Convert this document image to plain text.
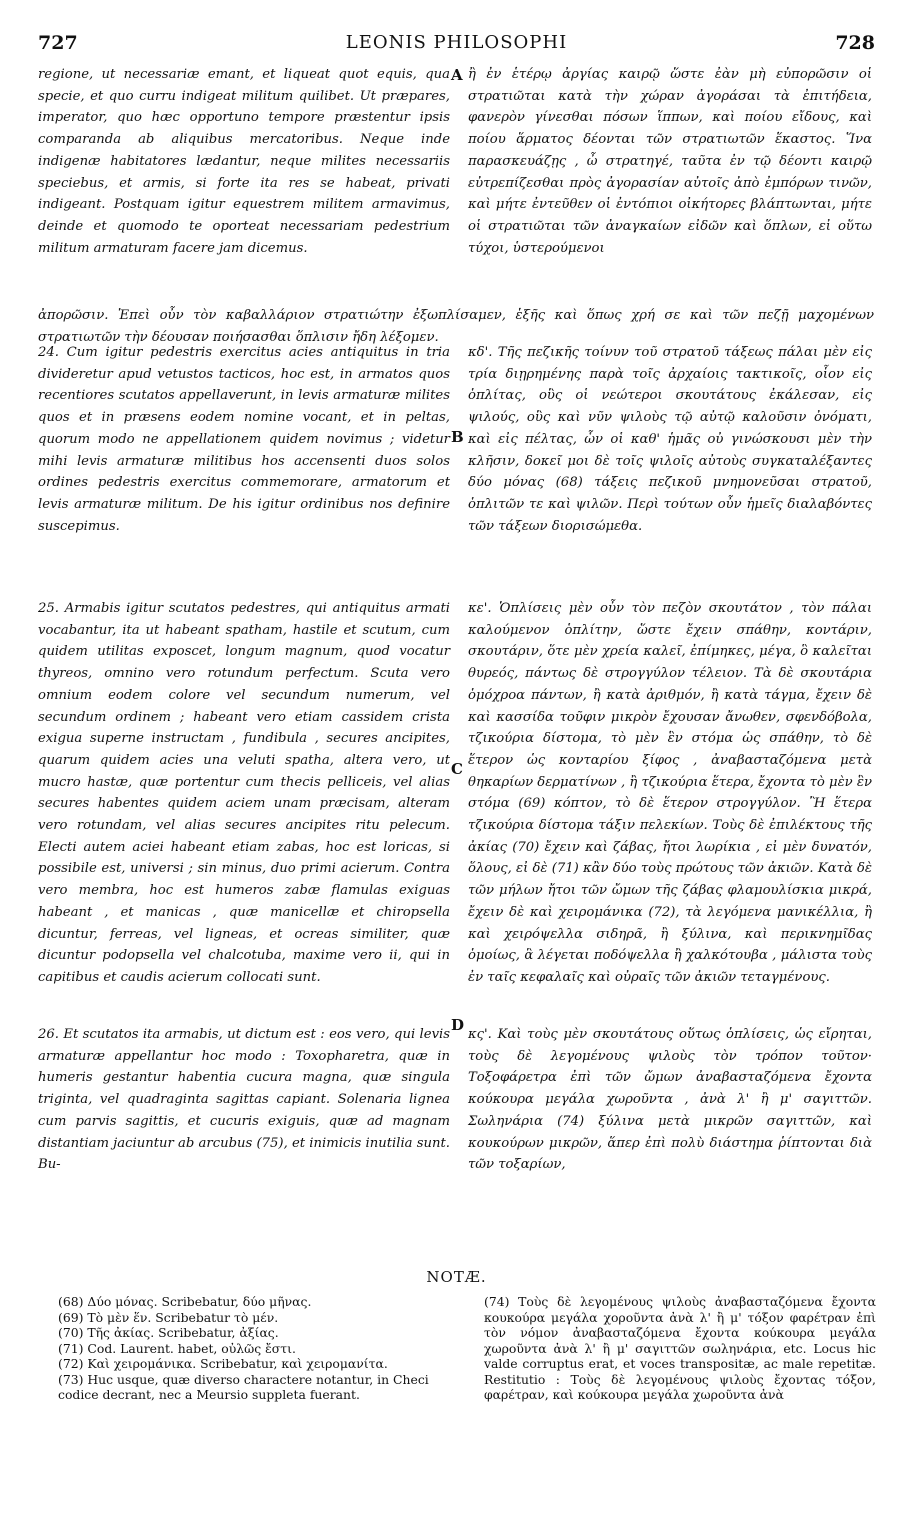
727	LEONIS PHILOSOPHI	728

regione, ut necessariæ emant, et liqueat quot equis, qua specie, et quo curru indigeat militum quilibet. Ut præpares, imperator, quo hæc opportuno tempore præstentur ipsis comparanda ab aliquibus mercatoribus. Neque inde indigenæ habitatores lædantur, neque milites necessariis speciebus, et armis, si forte ita res se habeat, privati indigeant. Postquam igitur equestrem militem armavimus, deinde et quomodo te oporteat necessariam pedestrium militum armaturam facere jam dicemus.

24. Cum igitur pedestris exercitus acies antiquitus in tria divideretur apud vetustos tacticos, hoc est, in armatos quos recentiores scutatos appellaverunt, in levis armaturæ milites quos et in præsens eodem nomine vocant, et in peltas, quorum modo ne appellationem quidem novimus ; videtur mihi levis armaturæ militibus hos accensenti duos solos ordines pedestris exercitus commemorare, armatorum et levis armaturæ militum. De his igitur ordinibus nos definire suscepimus.

25. Armabis igitur scutatos pedestres, qui antiquitus armati vocabantur, ita ut habeant spatham, hastile et scutum, cum quidem utilitas exposcet, longum magnum, quod vocatur thyreos, omnino vero rotundum perfectum. Scuta vero omnium eodem colore vel secundum numerum, vel secundum ordinem ; habeant vero etiam cassidem crista exigua superne instructam , fundibula , secures ancipites, quarum quidem acies una veluti spatha, altera vero, ut mucro hastæ, quæ portentur cum thecis pelliceis, vel alias secures habentes quidem aciem unam præcisam, alteram vero rotundam, vel alias secures ancipites ritu pelecum. Electi autem aciei habeant etiam zabas, hoc est loricas, si possibile est, universi ; sin minus, duo primi acierum. Contra vero membra, hoc est humeros zabæ flamulas exiguas habeant , et manicas , quæ manicellæ et chiropsella dicuntur, ferreas, vel ligneas, et ocreas similiter, quæ dicuntur podopsella vel chalcotuba, maxime vero ii, qui in capitibus et caudis acierum collocati sunt.

26. Et scutatos ita armabis, ut dictum est : eos vero, qui levis armaturæ appellantur hoc modo : Toxopharetra, quæ in humeris gestantur habentia cucura magna, quæ singula triginta, vel quadraginta sagittas capiant. Solenaria lignea cum parvis sagittis, et cucuris exiguis, quæ ad magnam distantiam jaciuntur ab arcubus (75), et inimicis inutilia sunt. Bu-

ἢ ἐν ἑτέρῳ ἀργίας καιρῷ ὥστε ἐὰν μὴ εὐπορῶσιν οἱ στρατιῶται κατὰ τὴν χώραν ἀγοράσαι τὰ ἐπιτήδεια, φανερὸν γίνεσθαι πόσων ἵππων, καὶ ποίου εἴδους, καὶ ποίου ἅρματος δέονται τῶν στρατιωτῶν ἕκαστος. Ἵνα παρασκευάζῃς , ὦ στρατηγέ, ταῦτα ἐν τῷ δέοντι καιρῷ εὐτρεπίζεσθαι πρὸς ἀγορασίαν αὐτοῖς ἀπὸ ἐμπόρων τινῶν, καὶ μήτε ἐντεῦθεν οἱ ἐντόπιοι οἰκήτορες βλάπτωνται, μήτε οἱ στρατιῶται τῶν ἀναγκαίων εἰδῶν καὶ ὅπλων, εἰ οὕτω τύχοι, ὑστερούμενοι

κδ'. Τῆς πεζικῆς τοίνυν τοῦ στρατοῦ τάξεως πάλαι μὲν εἰς τρία διῃρημένης παρὰ τοῖς ἀρχαίοις τακτικοῖς, οἷον εἰς ὁπλίτας, οὓς οἱ νεώτεροι σκουτάτους ἐκάλεσαν, εἰς ψιλούς, οὓς καὶ νῦν ψιλοὺς τῷ αὐτῷ καλοῦσιν ὀνόματι, καὶ εἰς πέλτας, ὧν οἱ καθ' ἡμᾶς οὐ γινώσκουσι μὲν τὴν κλῆσιν, δοκεῖ μοι δὲ τοῖς ψιλοῖς αὐτοὺς συγκαταλέξαντες δύο μόνας (68) τάξεις πεζικοῦ μνημονεῦσαι στρατοῦ, ὁπλιτῶν τε καὶ ψιλῶν. Περὶ τούτων οὖν ἡμεῖς διαλαβόντες τῶν τάξεων διορισώμεθα.

κε'. Ὁπλίσεις μὲν οὖν τὸν πεζὸν σκουτάτον , τὸν πάλαι καλούμενον ὁπλίτην, ὥστε ἔχειν σπάθην, κοντάριν, σκουτάριν, ὅτε μὲν χρεία καλεῖ, ἐπίμηκες, μέγα, ὃ καλεῖται θυρεός, πάντως δὲ στρογγύλον τέλειον. Τὰ δὲ σκουτάρια ὁμόχροα πάντων, ἢ κατὰ ἀριθμόν, ἢ κατὰ τάγμα, ἔχειν δὲ καὶ κασσίδα τοῦφιν μικρὸν ἔχουσαν ἄνωθεν, σφενδόβολα, τζικούρια δίστομα, τὸ μὲν ἓν στόμα ὡς σπάθην, τὸ δὲ ἕτερον ὡς κονταρίου ξίφος , ἀναβασταζόμενα μετὰ θηκαρίων δερματίνων , ἢ τζικούρια ἕτερα, ἔχοντα τὸ μὲν ἓν στόμα (69) κόπτον, τὸ δὲ ἕτερον στρογγύλον. Ἢ ἕτερα τζικούρια δίστομα τάξιν πελεκίων. Τοὺς δὲ ἐπιλέκτους τῆς ἀκίας (70) ἔχειν καὶ ζάβας, ἤτοι λωρίκια , εἰ μὲν δυνατόν, ὅλους, εἰ δὲ (71) κἂν δύο τοὺς πρώτους τῶν ἀκιῶν. Κατὰ δὲ τῶν μήλων ἤτοι τῶν ὤμων τῆς ζάβας φλαμουλίσκια μικρά, ἔχειν δὲ καὶ χειρομάνικα (72), τὰ λεγόμενα μανικέλλια, ἢ καὶ χειρόψελλα σιδηρᾶ, ἢ ξύλινα, καὶ περικνημῖδας ὁμοίως, ἃ λέγεται ποδόψελλα ἢ χαλκότουβα , μάλιστα τοὺς ἐν ταῖς κεφαλαῖς καὶ οὐραῖς τῶν ἀκιῶν τεταγμένους.

κς'. Καὶ τοὺς μὲν σκουτάτους οὕτως ὁπλίσεις, ὡς εἴρηται, τοὺς δὲ λεγομένους ψιλοὺς τὸν τρόπον τοῦτον· Τοξοφάρετρα ἐπὶ τῶν ὤμων ἀναβασταζόμενα ἔχοντα κούκουρα μεγάλα χωροῦντα , ἀνὰ λ' ἢ μ' σαγιττῶν. Σωληνάρια (74) ξύλινα μετὰ μικρῶν σαγιττῶν, καὶ κουκούρων μικρῶν, ἅπερ ἐπὶ πολὺ διάστημα ῥίπτονται διὰ τῶν τοξαρίων,

ἀπορῶσιν. Ἐπεὶ οὖν τὸν καβαλλάριον στρατιώτην ἐξωπλίσαμεν, ἑξῆς καὶ ὅπως χρή σε καὶ τῶν πεζῇ μαχομένων στρατιωτῶν τὴν δέουσαν ποιήσασθαι ὅπλισιν ἤδη λέξομεν.

A
B
C
D
NOTÆ.
(68) Δύο μόνας. Scribebatur, δύο μῆνας.
(69) Τὸ μὲν ἕν. Scribebatur τὸ μέν.
(70) Τῆς ἀκίας. Scribebatur, ἀξίας.
(71) Cod. Laurent. habet, οὐλῶς ἔστι.
(72) Καὶ χειρομάνικα. Scribebatur, καὶ χειρομανίτα.
(73) Huc usque, quæ diverso charactere notantur, in Checi codice decrant, nec a Meursio suppleta fuerant.
(74) Τοὺς δὲ λεγομένους ψιλοὺς ἀναβασταζόμενα ἔχοντα κουκούρα μεγάλα χοροῦντα ἀνὰ λ' ἢ μ' τόξον φαρέτραν ἐπὶ τὸν νόμον ἀναβασταζόμενα ἔχοντα κούκουρα μεγάλα χωροῦντα ἀνὰ λ' ἢ μ' σαγιττῶν σωληνάρια, etc. Locus hic valde corruptus erat, et voces transpositæ, ac male repetitæ. Restitutio : Τοὺς δὲ λεγομένους ψιλοὺς ἔχοντας τόξον, φαρέτραν, καὶ κούκουρα μεγάλα χωροῦντα ἀνὰ
